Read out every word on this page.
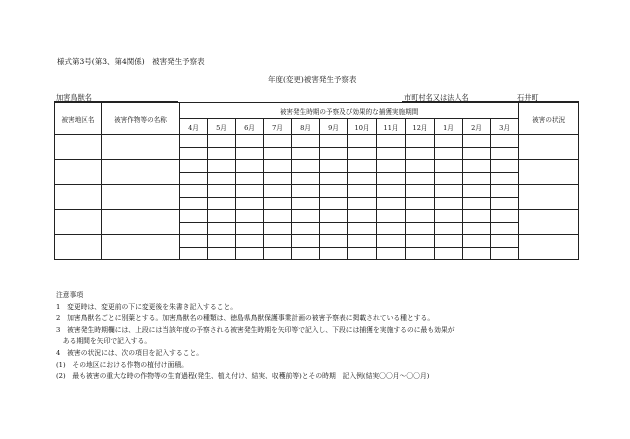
様式第3号(第3、第4関係)　被害発生予察表
年度(変更)被害発生予察表
加害鳥獣名	市町村名又は法人名	石井町
被害地区名	被害作物等の名称	被害発生時期の予察及び効果的な捕獲実施期間												被害の状況
		4月	5月	6月	7月	8月	9月	10月	11月	12月	1月	2月	3月	

注意事項
1　変更時は、変更前の下に変更後を朱書き記入すること。
2　加害鳥獣名ごとに別葉とする。加害鳥獣名の種類は、徳島県鳥獣保護事業計画の被害予察表に掲載されている種とする。
3　被害発生時期欄には、上段には当該年度の予察される被害発生時期を矢印等で記入し、下段には捕獲を実施するのに最も効果が
　ある期間を矢印で記入する。
4　被害の状況には、次の項目を記入すること。
(1)　その地区における作物の植付け面積。
(2)　最も被害の重大な時の作物等の生育過程(発生、植え付け、結実、収穫前等)とその時期　記入例(結実〇〇月～〇〇月)
